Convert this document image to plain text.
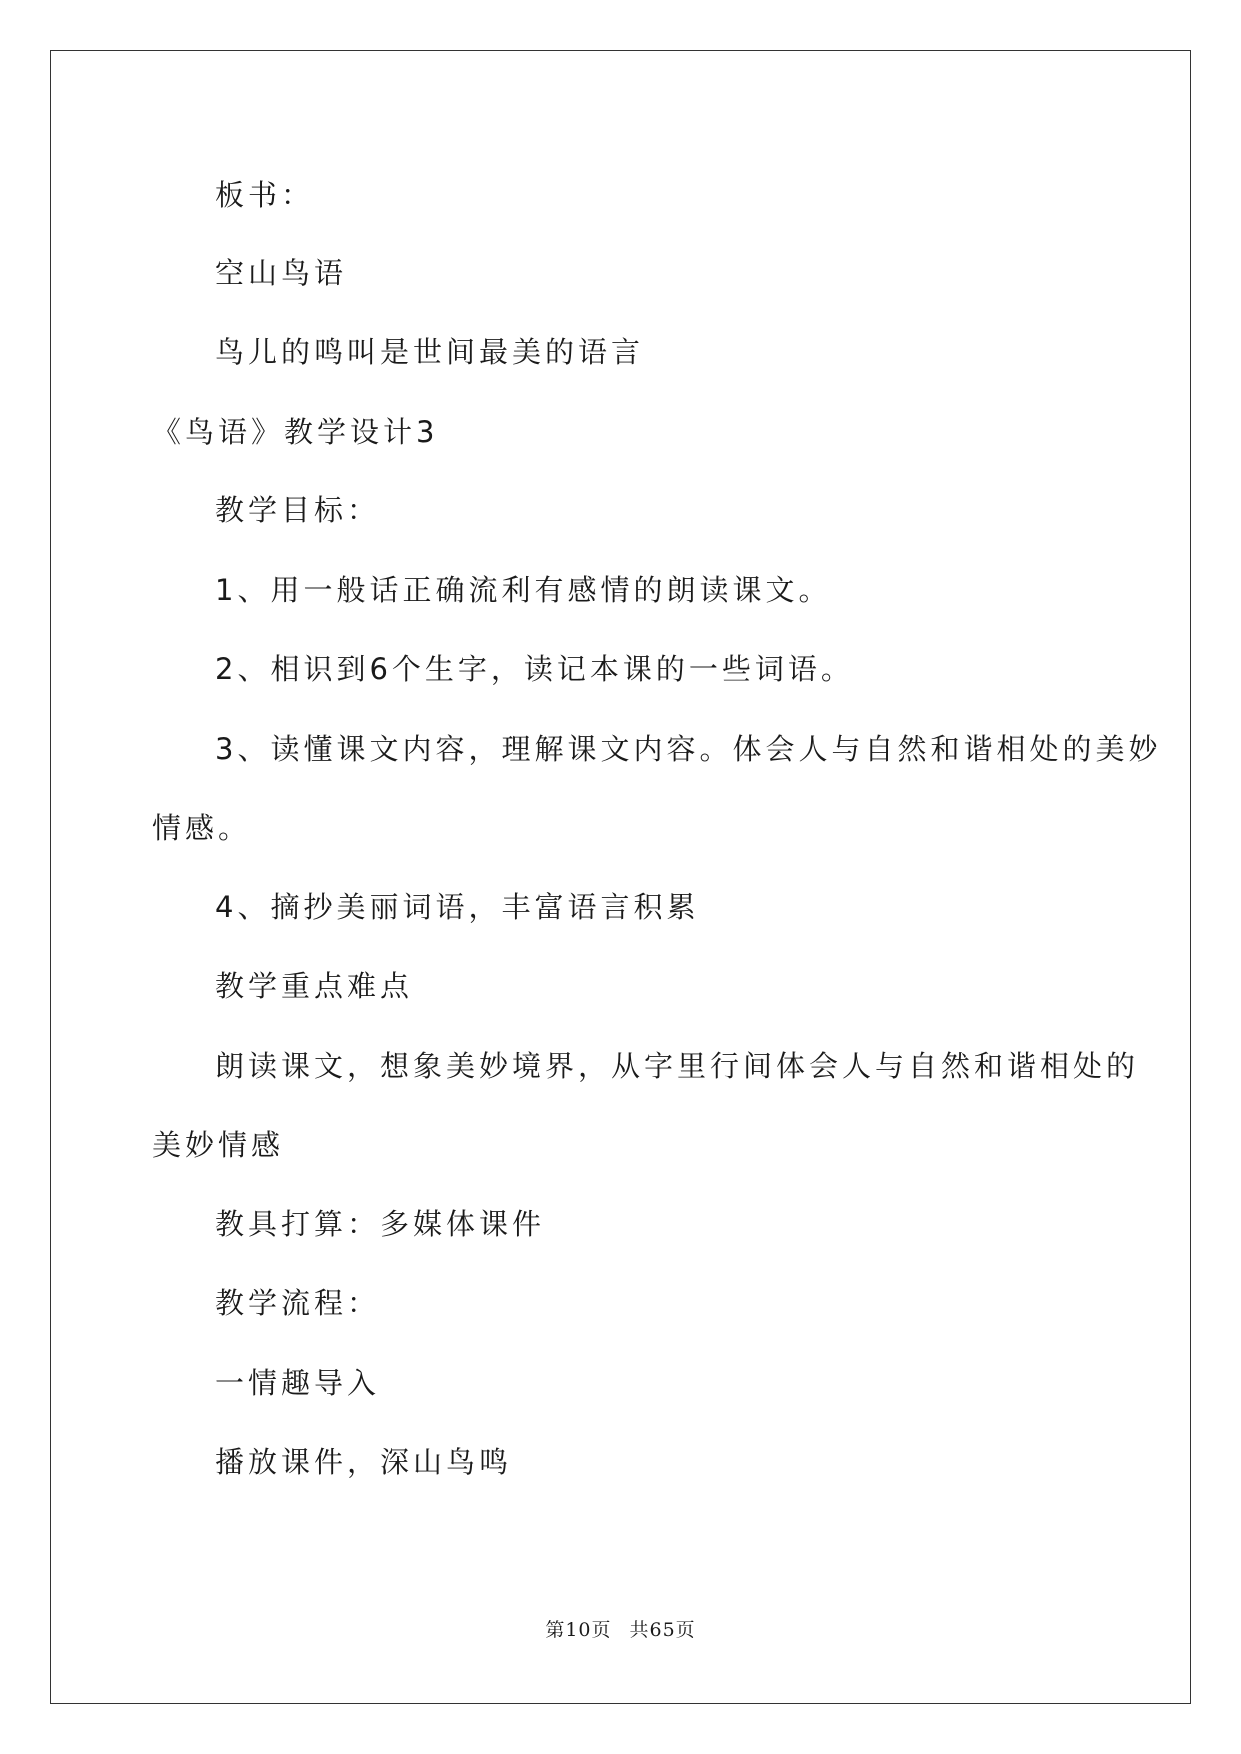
板书：
空山鸟语
鸟儿的鸣叫是世间最美的语言
《鸟语》教学设计3
教学目标：
1、用一般话正确流利有感情的朗读课文。
2、相识到6个生字，读记本课的一些词语。
3、读懂课文内容，理解课文内容。体会人与自然和谐相处的美妙
情感。
4、摘抄美丽词语，丰富语言积累
教学重点难点
朗读课文，想象美妙境界，从字里行间体会人与自然和谐相处的
美妙情感
教具打算：多媒体课件
教学流程：
一情趣导入
播放课件，深山鸟鸣
第10页 共65页
